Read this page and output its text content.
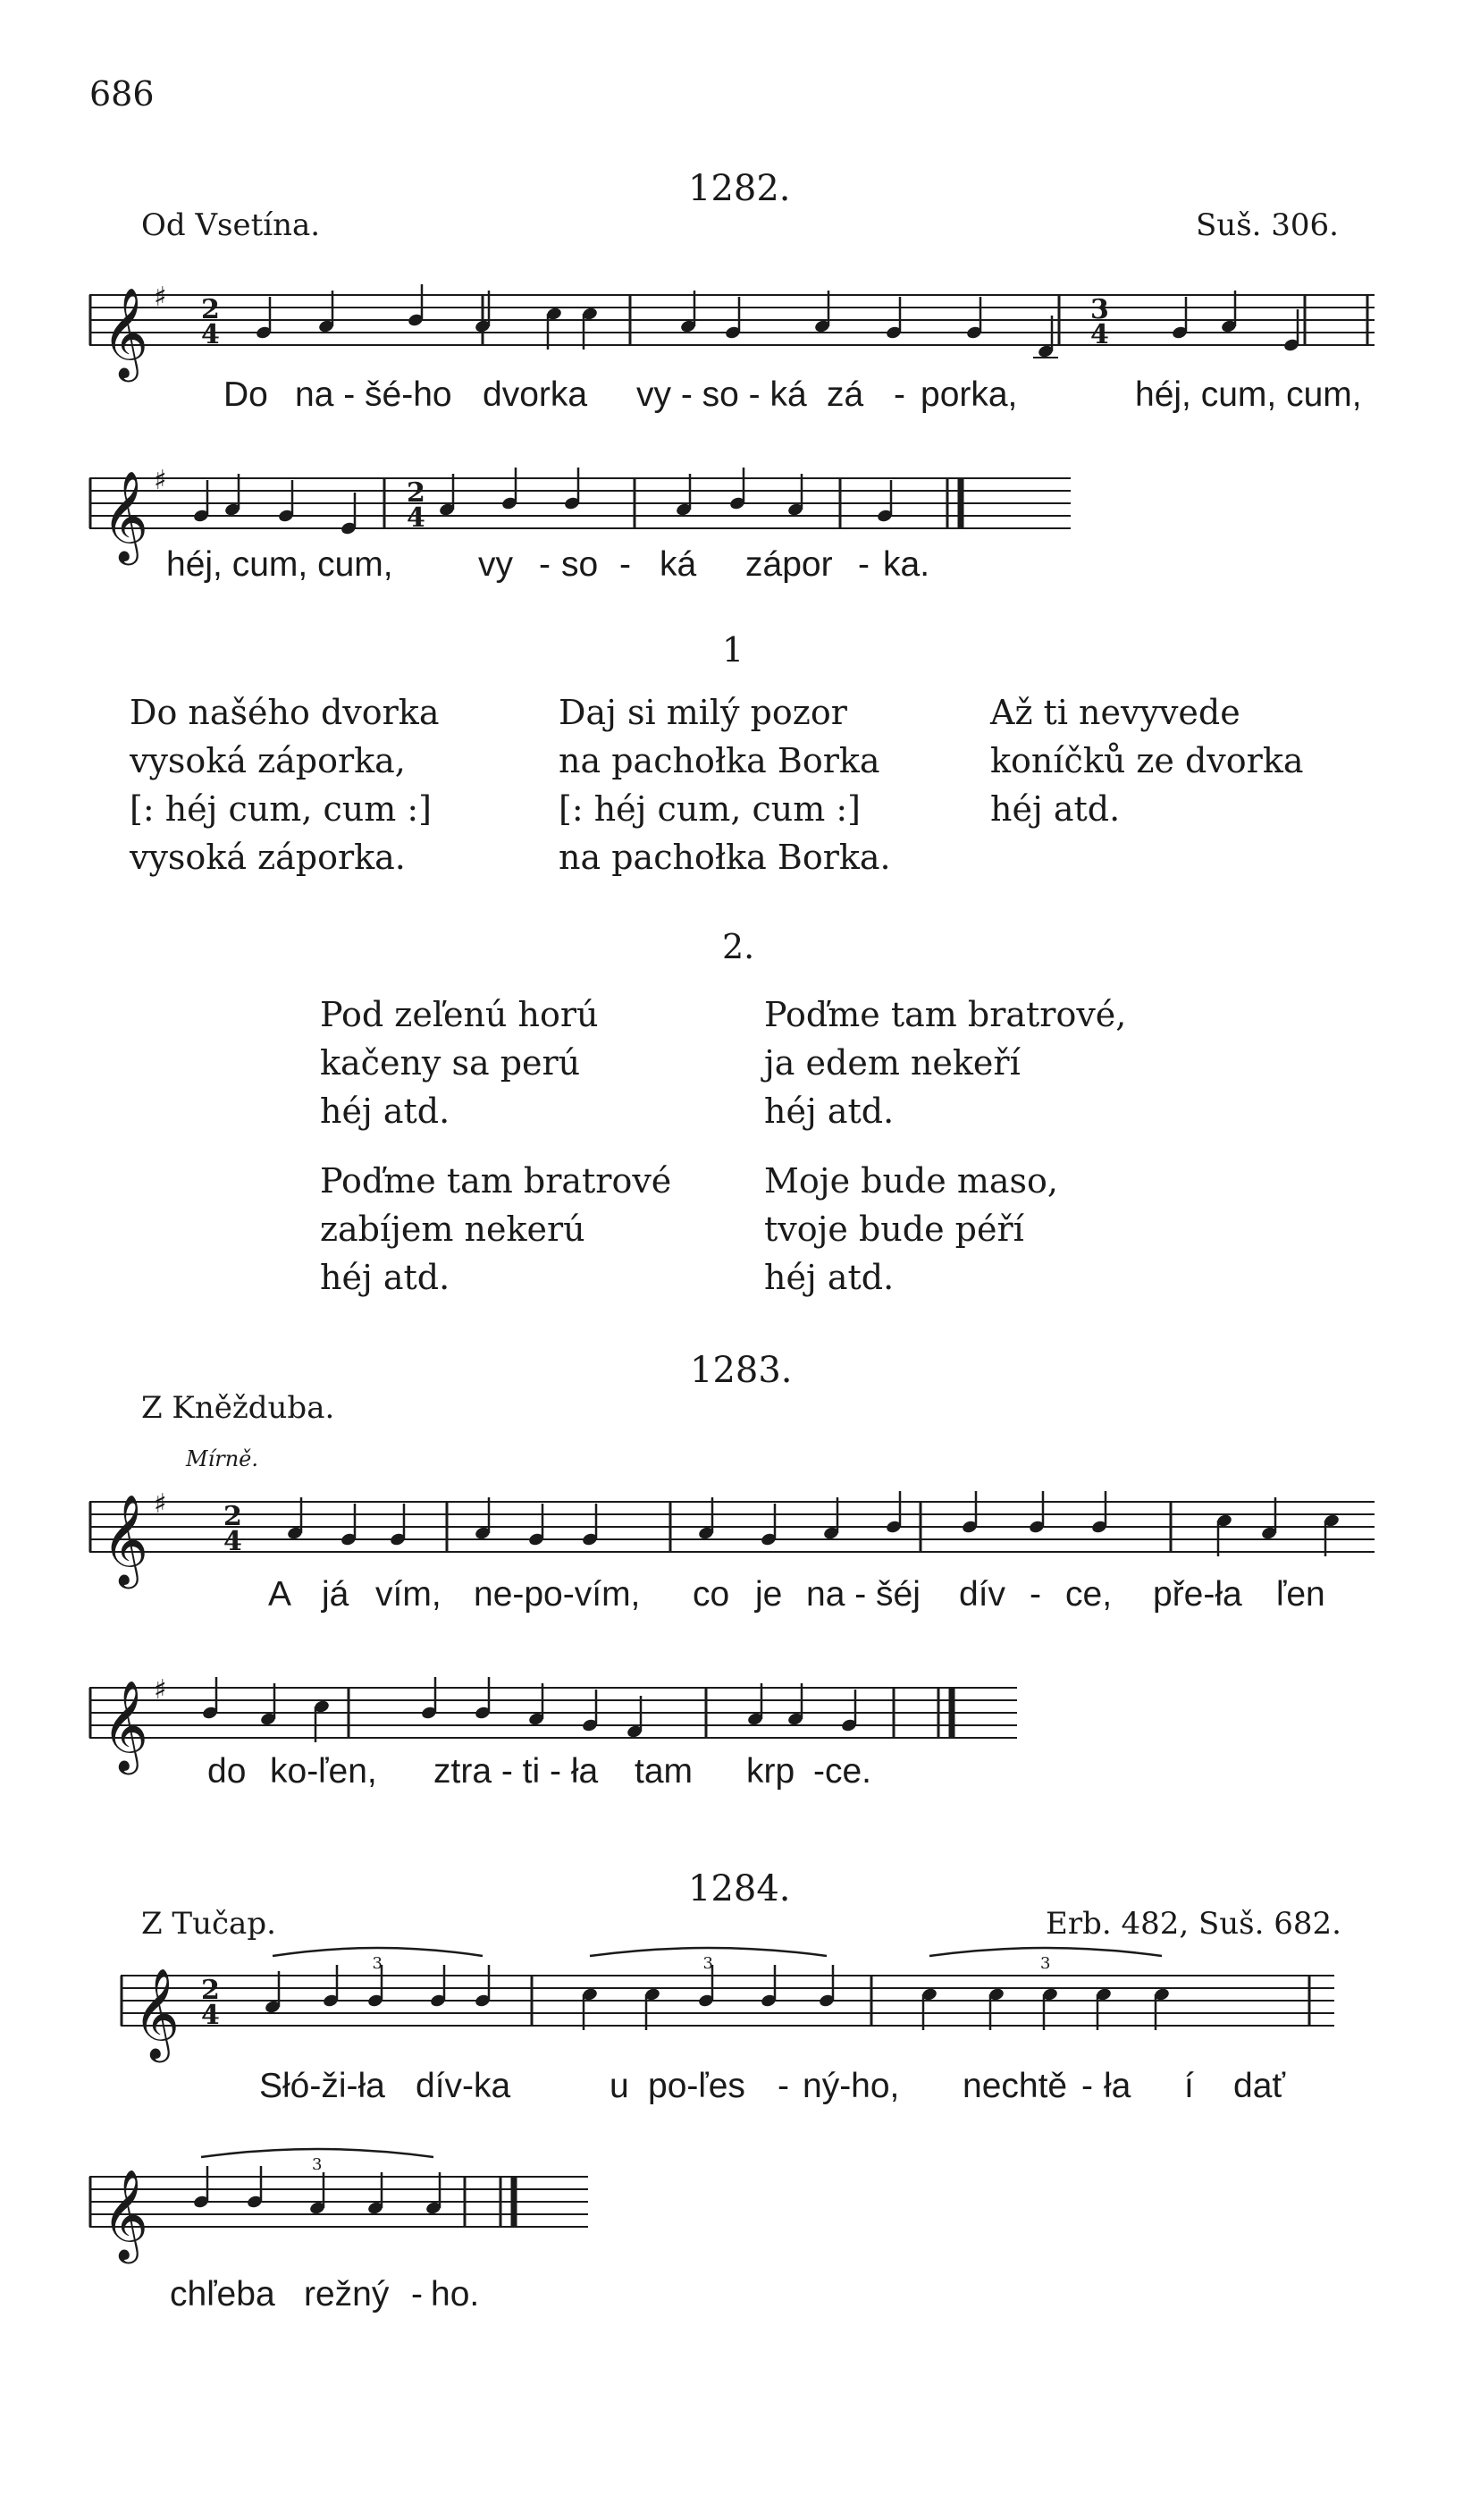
686
1282.
Od Vsetína.	Suš. 306.
𝄞 ♯ 2
4
3
4
Do na - šé-ho dvorka vy - so - ká zá - porka,	héj, cum, cum,
𝄞 ♯	2
4
héj, cum, cum, vy - so - ká zápor - ka.
1
Do našého dvorka
vysoká záporka,
[: héj cum, cum :]
vysoká záporka.
Daj si milý pozor
na pachołka Borka
[: héj cum, cum :]
na pachołka Borka.
Až ti nevyvede
koníčků ze dvorka
héj atd.
2.
Pod zeľenú horú
kačeny sa perú
héj atd.
Poďme tam bratrové
zabíjem nekerú
héj atd.
Poďme tam bratrové,
ja edem nekeří
héj atd.
Moje bude maso,
tvoje bude péří
héj atd.
1283.
Z Kněžduba.
Mírně.
𝄞 ♯ 2
4
A já vím, ne-po-vím, co je na - šéj dív - ce, pře-ła ľen
𝄞 ♯
do ko-ľen, ztra - ti - ła tam krp -ce.
1284.
Z Tučap.	Erb. 482, Suš. 682.
𝄞 2
4
3	3	3
Słó-ži-ła dív-ka	u po-ľes - ný-ho, nechtě - ła í dať
𝄞
3
chľeba režný - ho.
